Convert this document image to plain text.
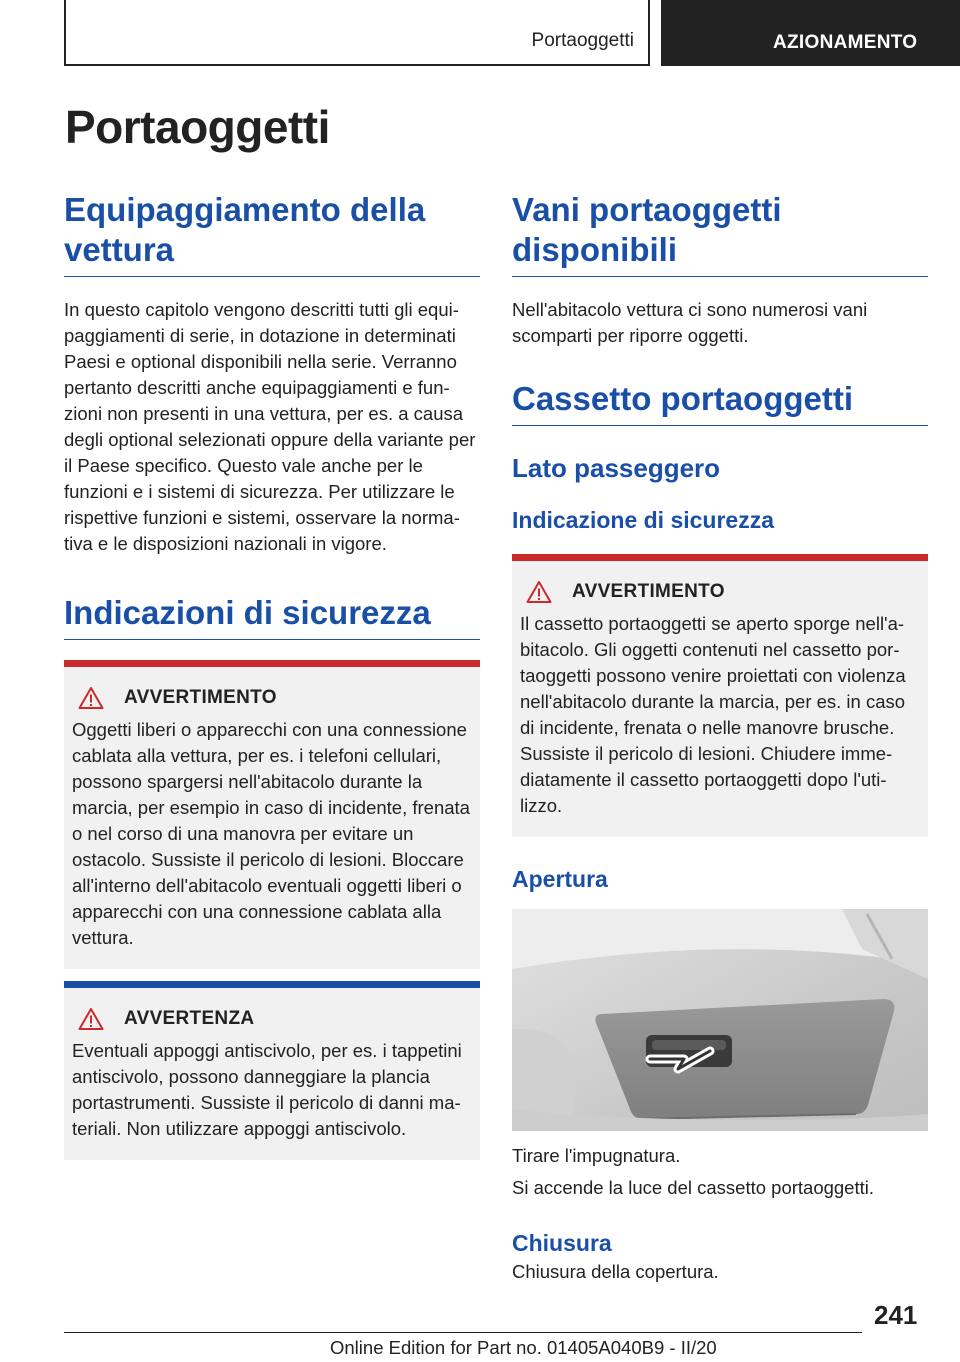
Portaoggetti	AZIONAMENTO
Portaoggetti
Equipaggiamento della vettura

In questo capitolo vengono descritti tutti gli equipaggiamenti di serie, in dotazione in determinati Paesi e optional disponibili nella serie. Verranno pertanto descritti anche equipaggiamenti e funzioni non presenti in una vettura, per es. a causa degli optional selezionati oppure della variante per il Paese specifico. Questo vale anche per le funzioni e i sistemi di sicurezza. Per utilizzare le rispettive funzioni e sistemi, osservare la normativa e le disposizioni nazionali in vigore.

Indicazioni di sicurezza
AVVERTIMENTO

Oggetti liberi o apparecchi con una connessione cablata alla vettura, per es. i telefoni cellulari, possono spargersi nell'abitacolo durante la marcia, per esempio in caso di incidente, frenata o nel corso di una manovra per evitare un ostacolo. Sussiste il pericolo di lesioni. Bloccare all'interno dell'abitacolo eventuali oggetti liberi o apparecchi con una connessione cablata alla vettura.

AVVERTENZA

Eventuali appoggi antiscivolo, per es. i tappetini antiscivolo, possono danneggiare la plancia portastrumenti. Sussiste il pericolo di danni materiali. Non utilizzare appoggi antiscivolo.

Vani portaoggetti disponibili

Nell'abitacolo vettura ci sono numerosi vani scomparti per riporre oggetti.

Cassetto portaoggetti
Lato passeggero
Indicazione di sicurezza
AVVERTIMENTO

Il cassetto portaoggetti se aperto sporge nell'abitacolo. Gli oggetti contenuti nel cassetto portaoggetti possono venire proiettati con violenza nell'abitacolo durante la marcia, per es. in caso di incidente, frenata o nelle manovre brusche. Sussiste il pericolo di lesioni. Chiudere immediatamente il cassetto portaoggetti dopo l'utilizzo.

Apertura

Tirare l'impugnatura.

Si accende la luce del cassetto portaoggetti.

Chiusura

Chiusura della copertura.

241
Online Edition for Part no. 01405A040B9 - II/20
